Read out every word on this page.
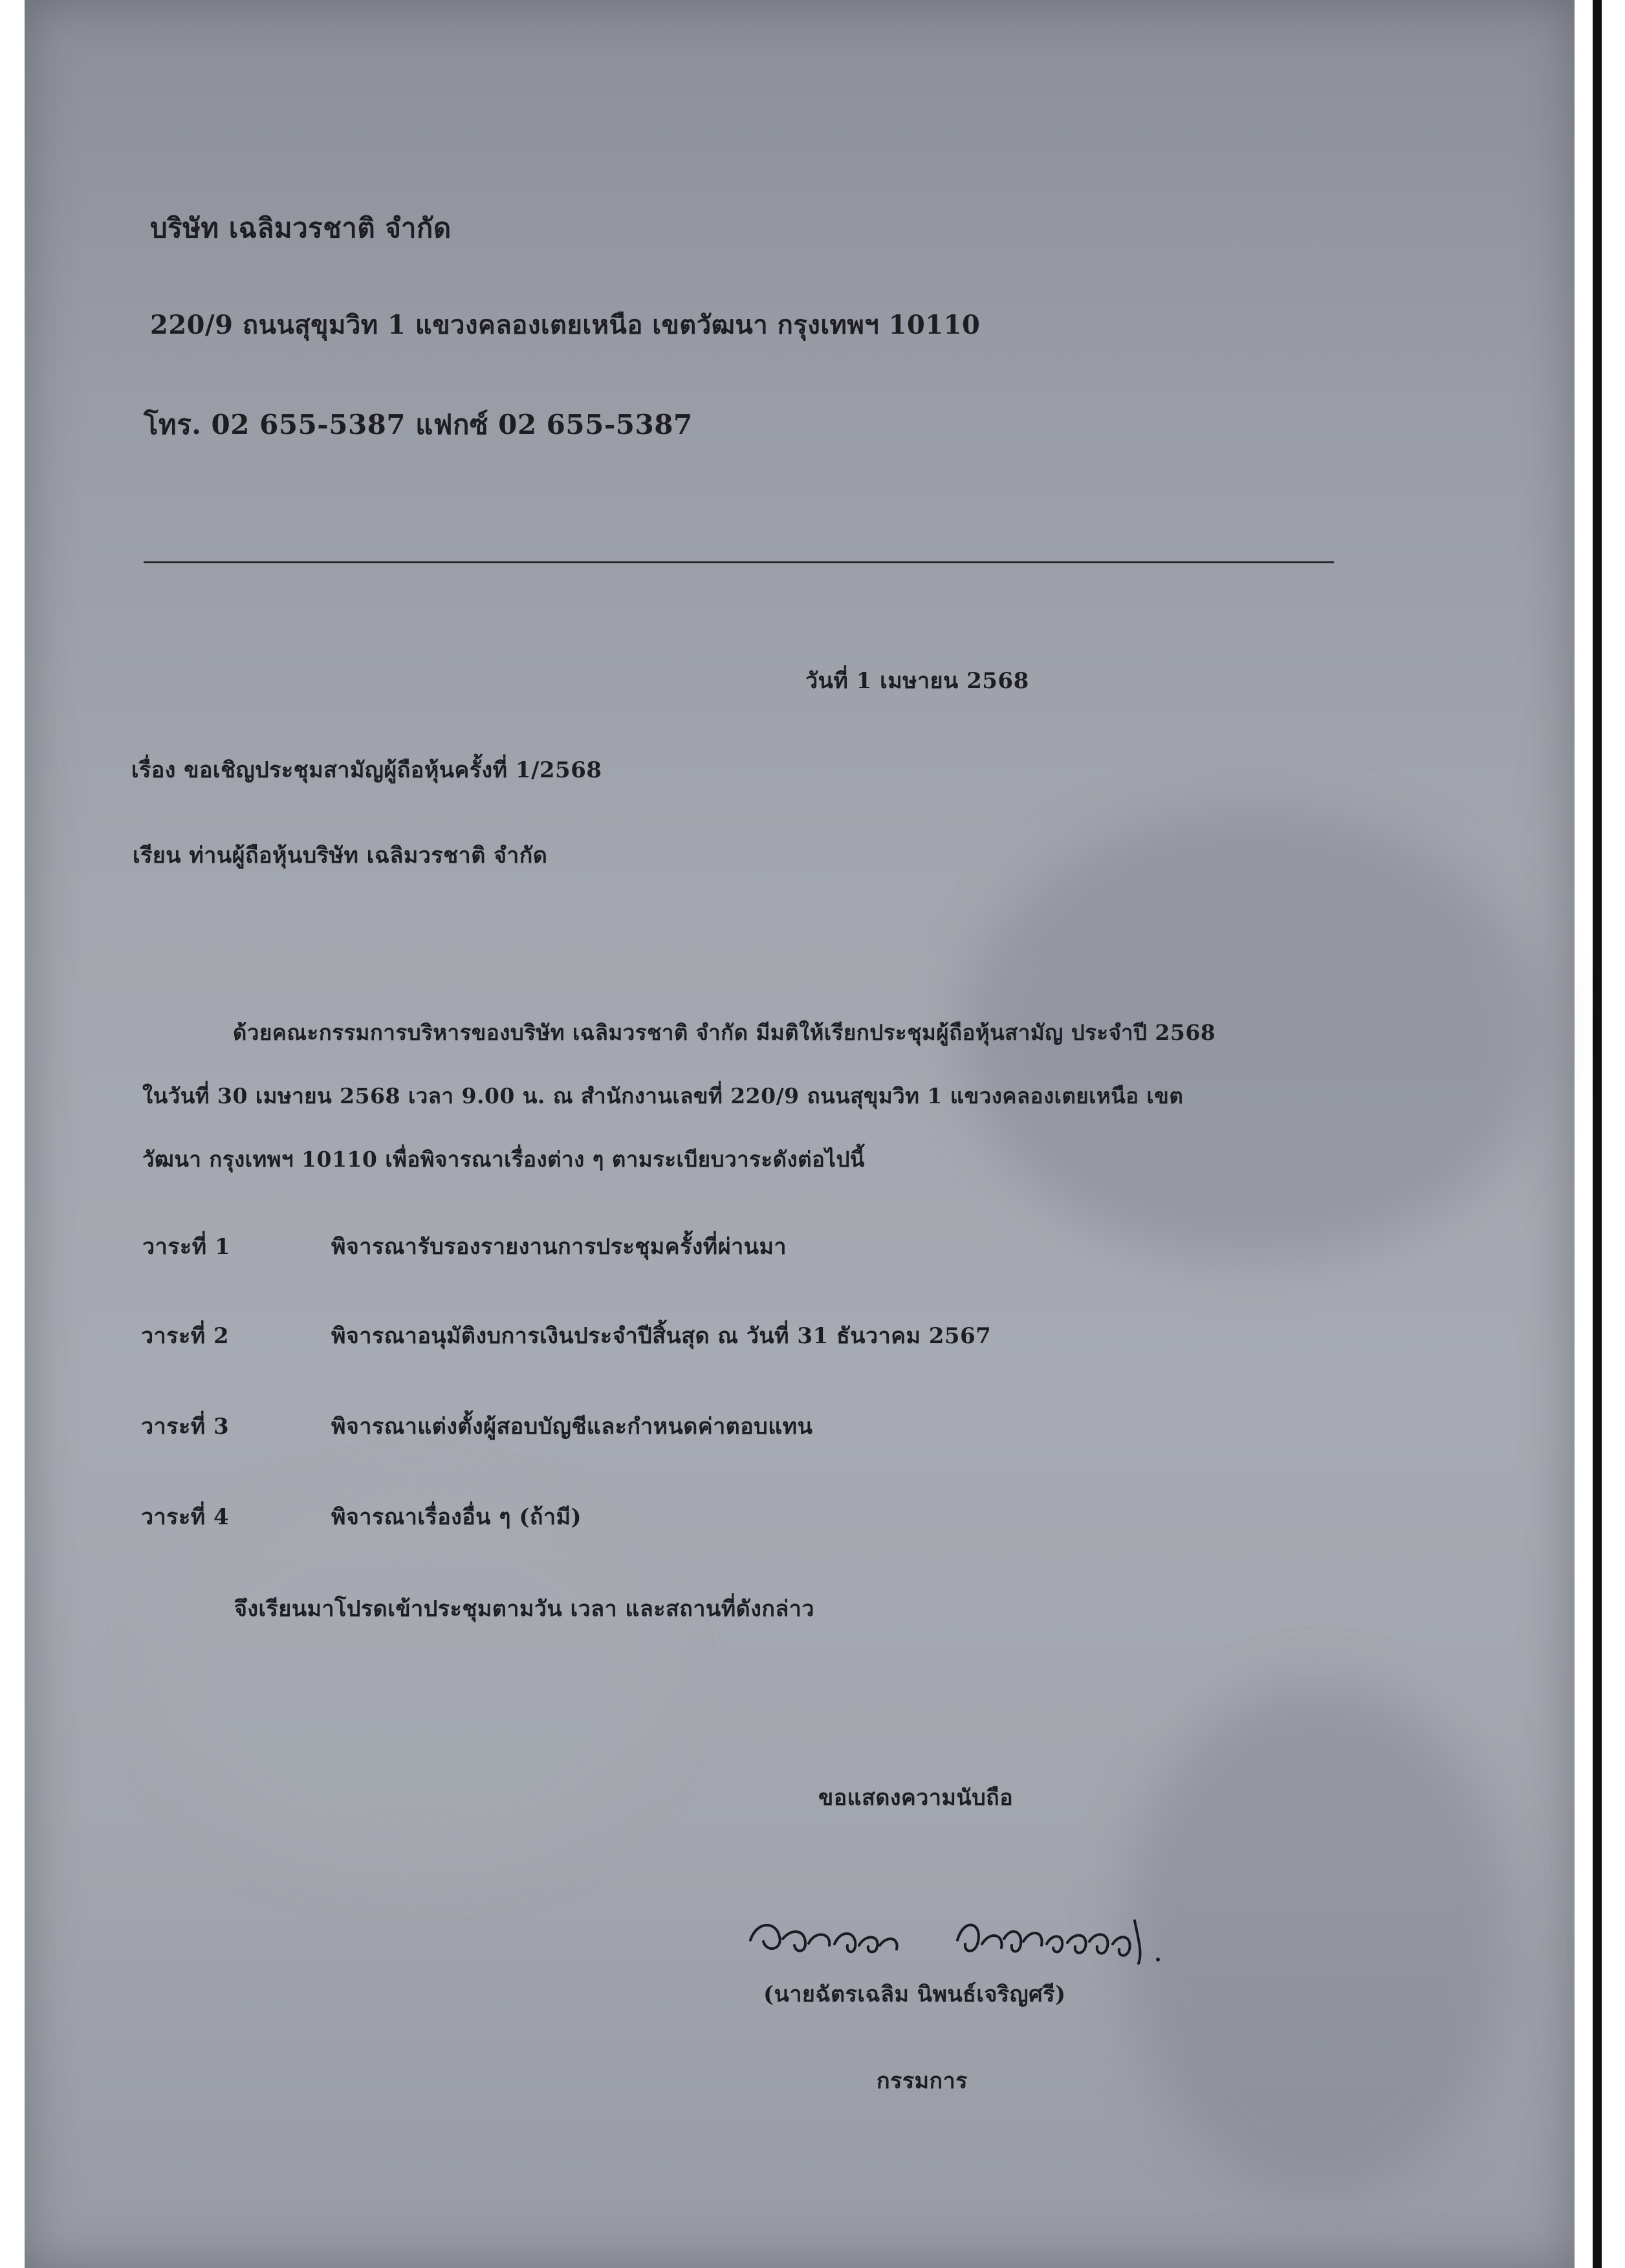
บริษัท เฉลิมวรชาติ จำกัด
220/9 ถนนสุขุมวิท 1 แขวงคลองเตยเหนือ เขตวัฒนา กรุงเทพฯ 10110
โทร. 02 655-5387 แฟกซ์ 02 655-5387
วันที่ 1 เมษายน 2568
เรื่อง ขอเชิญประชุมสามัญผู้ถือหุ้นครั้งที่ 1/2568
เรียน ท่านผู้ถือหุ้นบริษัท เฉลิมวรชาติ จำกัด
ด้วยคณะกรรมการบริหารของบริษัท เฉลิมวรชาติ จำกัด มีมติให้เรียกประชุมผู้ถือหุ้นสามัญ ประจำปี 2568
ในวันที่ 30 เมษายน 2568 เวลา 9.00 น. ณ สำนักงานเลขที่ 220/9 ถนนสุขุมวิท 1 แขวงคลองเตยเหนือ เขต
วัฒนา กรุงเทพฯ 10110 เพื่อพิจารณาเรื่องต่าง ๆ ตามระเบียบวาระดังต่อไปนี้
วาระที่ 1	พิจารณารับรองรายงานการประชุมครั้งที่ผ่านมา
วาระที่ 2	พิจารณาอนุมัติงบการเงินประจำปีสิ้นสุด ณ วันที่ 31 ธันวาคม 2567
วาระที่ 3	พิจารณาแต่งตั้งผู้สอบบัญชีและกำหนดค่าตอบแทน
วาระที่ 4	พิจารณาเรื่องอื่น ๆ (ถ้ามี)
จึงเรียนมาโปรดเข้าประชุมตามวัน เวลา และสถานที่ดังกล่าว
ขอแสดงความนับถือ
(นายฉัตรเฉลิม นิพนธ์เจริญศรี)
กรรมการ
